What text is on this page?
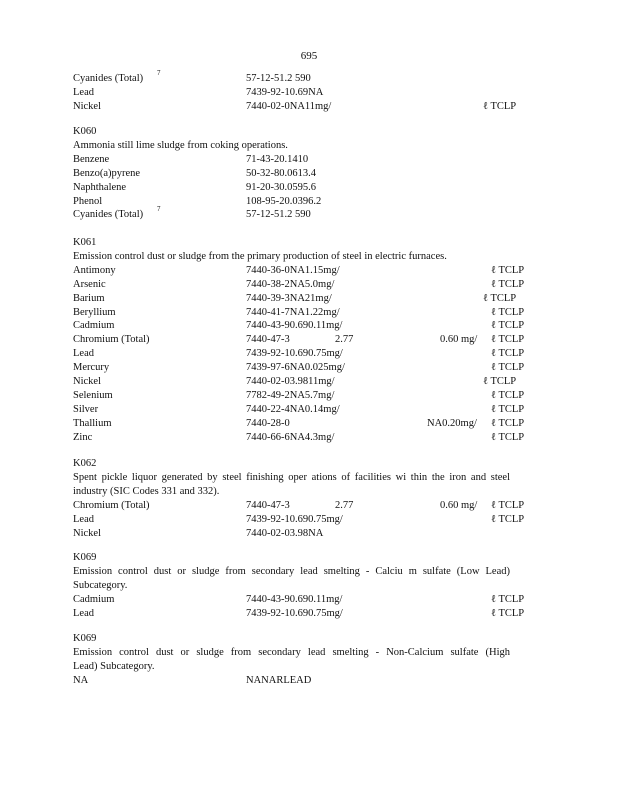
695
Cyanides (Total) 7	57-12-51.2 590
Lead	7439-92-10.69NA
Nickel	7440-02-0NA11mg/	ℓ TCLP
K060
Ammonia still lime sludge from coking operations.
Benzene	71-43-20.1410
Benzo(a)pyrene	50-32-80.0613.4
Naphthalene	91-20-30.0595.6
Phenol	108-95-20.0396.2
Cyanides (Total) 7	57-12-51.2 590
K061
Emission control dust or sludge from the primary production of steel in electric furnaces.
Antimony	7440-36-0NA1.15mg/	ℓ TCLP
Arsenic	7440-38-2NA5.0mg/	ℓ TCLP
Barium	7440-39-3NA21mg/	ℓ TCLP
Beryllium	7440-41-7NA1.22mg/	ℓ TCLP
Cadmium	7440-43-90.690.11mg/	ℓ TCLP
Chromium (Total)	7440-47-3	2.77	0.60 mg/ ℓ TCLP
Lead	7439-92-10.690.75mg/	ℓ TCLP
Mercury	7439-97-6NA0.025mg/	ℓ TCLP
Nickel	7440-02-03.9811mg/	ℓ TCLP
Selenium	7782-49-2NA5.7mg/	ℓ TCLP
Silver	7440-22-4NA0.14mg/	ℓ TCLP
Thallium	7440-28-0	NA0.20mg/ ℓ TCLP
Zinc	7440-66-6NA4.3mg/	ℓ TCLP
K062
Spent pickle liquor generated by steel finishing oper ations of facilities wi thin the iron and steel
industry (SIC Codes 331 and 332).
Chromium (Total)	7440-47-3	2.77	0.60 mg/ ℓ TCLP
Lead	7439-92-10.690.75mg/	ℓ TCLP
Nickel	7440-02-03.98NA
K069
Emission control dust or sludge from secondary lead smelting - Calciu m sulfate (Low Lead)
Subcategory.
Cadmium	7440-43-90.690.11mg/	ℓ TCLP
Lead	7439-92-10.690.75mg/	ℓ TCLP
K069
Emission control dust or sludge from secondary lead smelting - Non-Calcium sulfate (High
Lead) Subcategory.
NA	NANARLEAD
